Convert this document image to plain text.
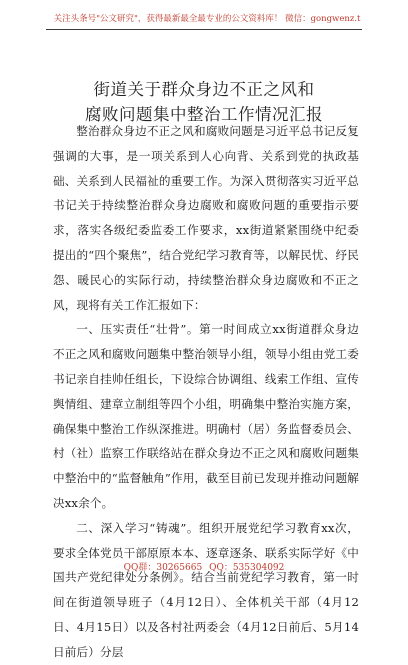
关注头条号"公文研究"，获得最新最全最专业的公文资料库！ 微信：gongwenz.t
街道关于群众身边不正之风和
腐败问题集中整治工作情况汇报

整治群众身边不正之风和腐败问题是习近平总书记反复强调的大事，是一项关系到人心向背、关系到党的执政基础、关系到人民福祉的重要工作。为深入贯彻落实习近平总书记关于持续整治群众身边腐败和腐败问题的重要指示要求，落实各级纪委监委工作要求，xx街道紧紧围绕中纪委提出的“四个聚焦”，结合党纪学习教育等，以解民忧、纾民怨、暖民心的实际行动，持续整治群众身边腐败和不正之风，现将有关工作汇报如下：

一、压实责任“壮骨”。第一时间成立xx街道群众身边不正之风和腐败问题集中整治领导小组，领导小组由党工委书记亲自挂帅任组长，下设综合协调组、线索工作组、宣传舆情组、建章立制组等四个小组，明确集中整治实施方案，确保集中整治工作纵深推进。明确村（居）务监督委员会、村（社）监察工作联络站在群众身边不正之风和腐败问题集中整治中的“监督触角”作用，截至目前已发现并推动问题解决xx余个。

二、深入学习“铸魂”。组织开展党纪学习教育xx次，要求全体党员干部原原本本、逐章逐条、联系实际学好《中国共产党纪律处分条例》。结合当前党纪学习教育，第一时间在街道领导班子（4月12日）、全体机关干部（4月12日、4月15日）以及各村社两委会（4月12日前后、5月14日前后）分层

QQ群：30265665 QQ：535304092
